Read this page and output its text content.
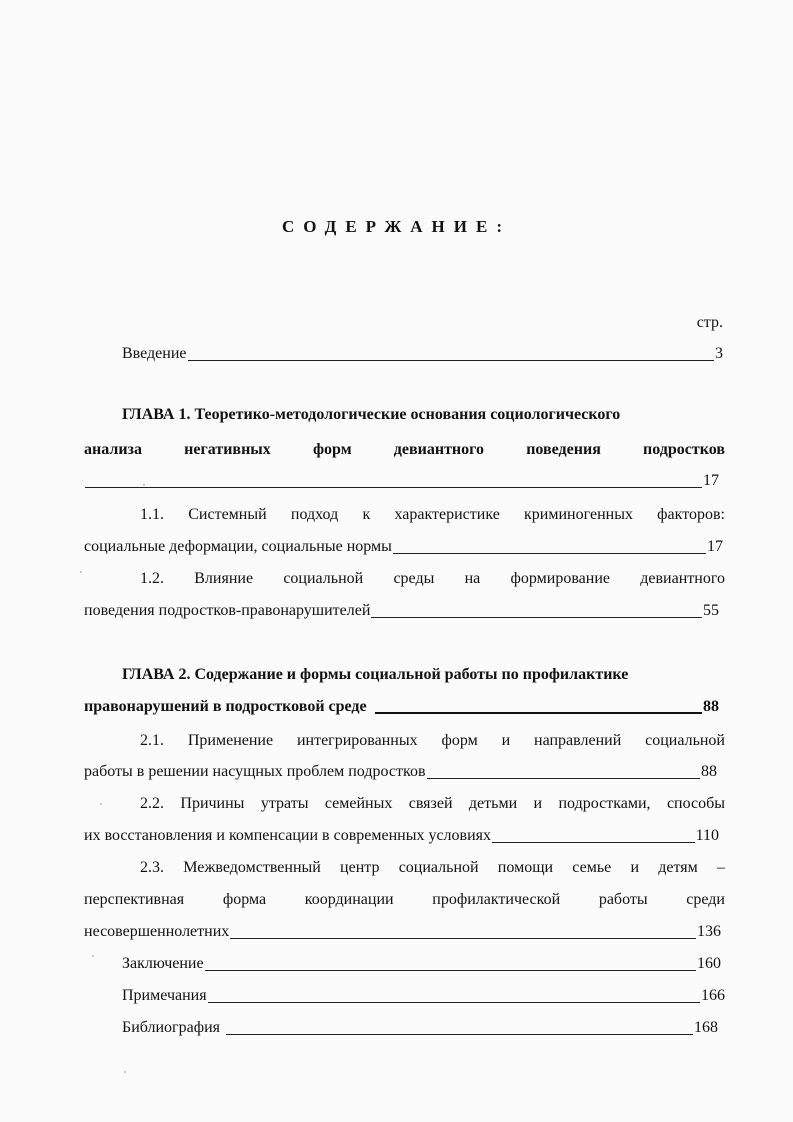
СОДЕРЖАНИЕ:
стр.
Введение	3
ГЛАВА 1. Теоретико-методологические основания социологического
анализа негативных форм девиантного поведения подростков
17
1.1. Системный подход к характеристике криминогенных факторов:
социальные деформации, социальные нормы	17
1.2. Влияние социальной среды на формирование девиантного
поведения подростков-правонарушителей	55
ГЛАВА 2. Содержание и формы социальной работы по профилактике
правонарушений в подростковой среде	88
2.1. Применение интегрированных форм и направлений социальной
работы в решении насущных проблем подростков	88
2.2. Причины утраты семейных связей детьми и подростками, способы
их восстановления и компенсации в современных условиях	110
2.3. Межведомственный центр социальной помощи семье и детям –
перспективная форма координации профилактической работы среди
несовершеннолетних	136
Заключение	160
Примечания	166
Библиография	168
